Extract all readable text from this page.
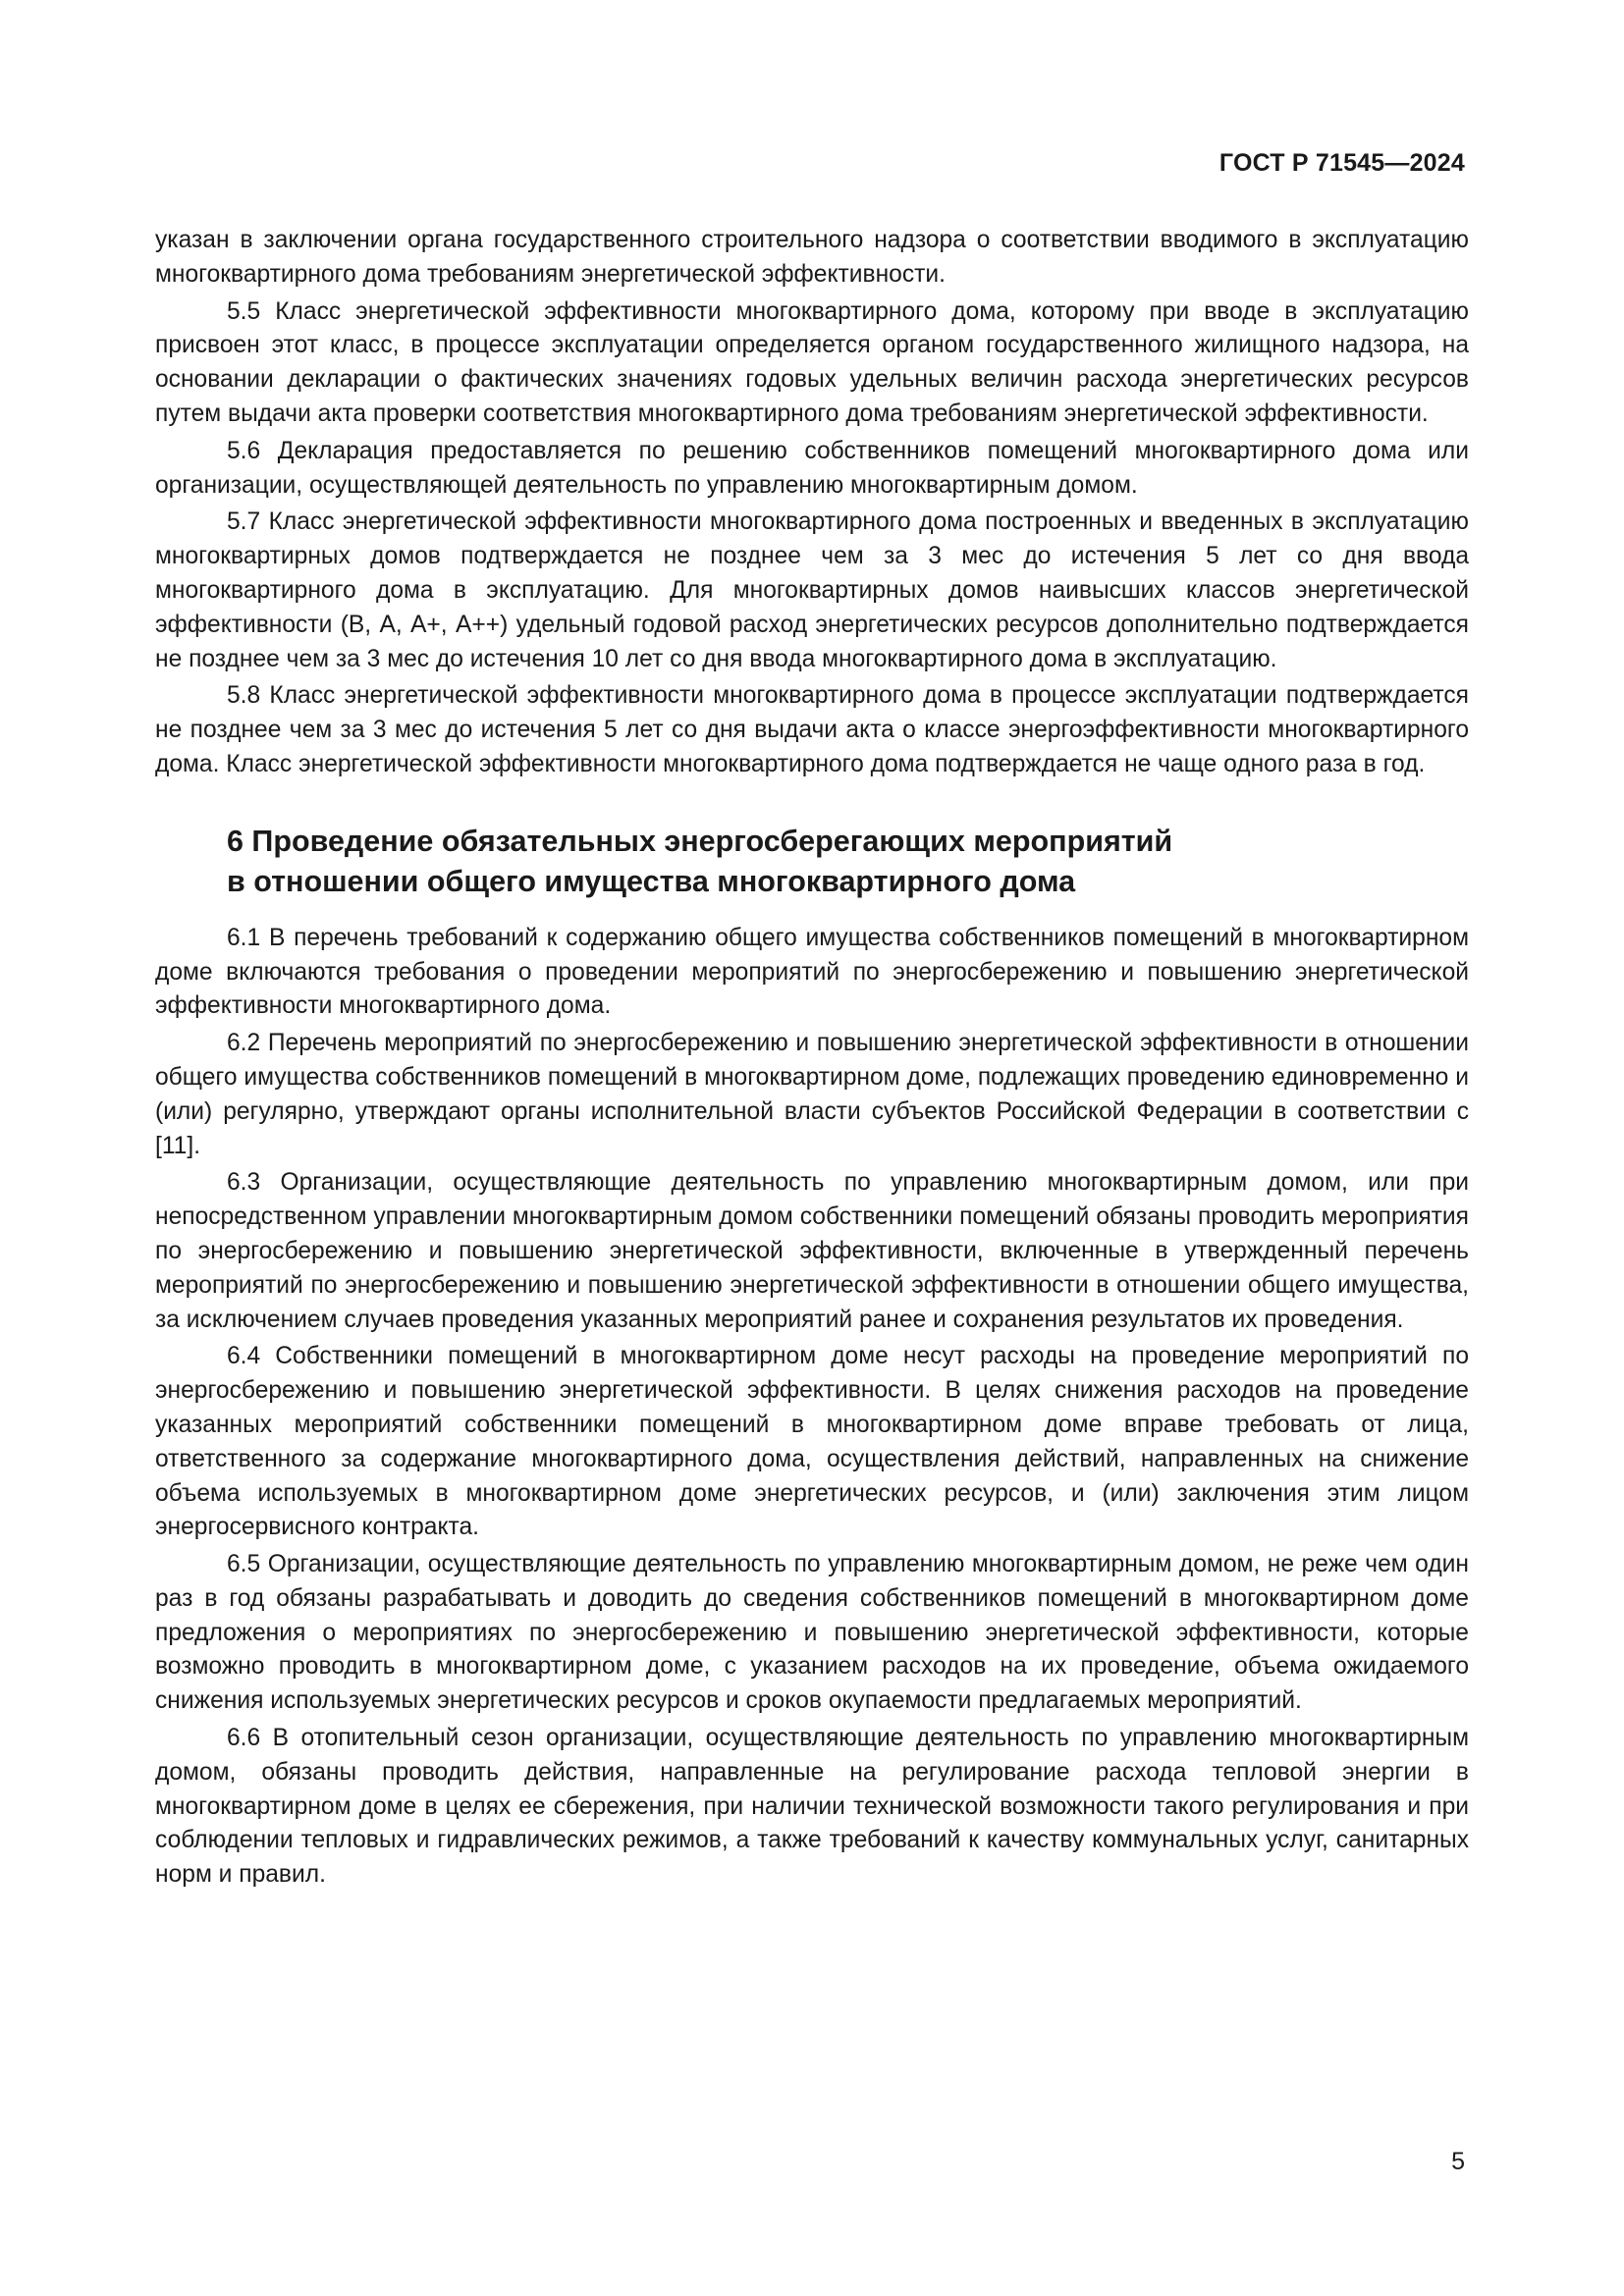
ГОСТ Р 71545—2024

указан в заключении органа государственного строительного надзора о соответствии вводимого в эксплуатацию многоквартирного дома требованиям энергетической эффективности.

5.5 Класс энергетической эффективности многоквартирного дома, которому при вводе в эксплуатацию присвоен этот класс, в процессе эксплуатации определяется органом государственного жилищного надзора, на основании декларации о фактических значениях годовых удельных величин расхода энергетических ресурсов путем выдачи акта проверки соответствия многоквартирного дома требованиям энергетической эффективности.

5.6 Декларация предоставляется по решению собственников помещений многоквартирного дома или организации, осуществляющей деятельность по управлению многоквартирным домом.

5.7 Класс энергетической эффективности многоквартирного дома построенных и введенных в эксплуатацию многоквартирных домов подтверждается не позднее чем за 3 мес до истечения 5 лет со дня ввода многоквартирного дома в эксплуатацию. Для многоквартирных домов наивысших классов энергетической эффективности (В, А, А+, А++) удельный годовой расход энергетических ресурсов дополнительно подтверждается не позднее чем за 3 мес до истечения 10 лет со дня ввода многоквартирного дома в эксплуатацию.

5.8 Класс энергетической эффективности многоквартирного дома в процессе эксплуатации подтверждается не позднее чем за 3 мес до истечения 5 лет со дня выдачи акта о классе энергоэффективности многоквартирного дома. Класс энергетической эффективности многоквартирного дома подтверждается не чаще одного раза в год.

6 Проведение обязательных энергосберегающих мероприятий
в отношении общего имущества многоквартирного дома

6.1 В перечень требований к содержанию общего имущества собственников помещений в многоквартирном доме включаются требования о проведении мероприятий по энергосбережению и повышению энергетической эффективности многоквартирного дома.

6.2 Перечень мероприятий по энергосбережению и повышению энергетической эффективности в отношении общего имущества собственников помещений в многоквартирном доме, подлежащих проведению единовременно и (или) регулярно, утверждают органы исполнительной власти субъектов Российской Федерации в соответствии с [11].

6.3 Организации, осуществляющие деятельность по управлению многоквартирным домом, или при непосредственном управлении многоквартирным домом собственники помещений обязаны проводить мероприятия по энергосбережению и повышению энергетической эффективности, включенные в утвержденный перечень мероприятий по энергосбережению и повышению энергетической эффективности в отношении общего имущества, за исключением случаев проведения указанных мероприятий ранее и сохранения результатов их проведения.

6.4 Собственники помещений в многоквартирном доме несут расходы на проведение мероприятий по энергосбережению и повышению энергетической эффективности. В целях снижения расходов на проведение указанных мероприятий собственники помещений в многоквартирном доме вправе требовать от лица, ответственного за содержание многоквартирного дома, осуществления действий, направленных на снижение объема используемых в многоквартирном доме энергетических ресурсов, и (или) заключения этим лицом энергосервисного контракта.

6.5 Организации, осуществляющие деятельность по управлению многоквартирным домом, не реже чем один раз в год обязаны разрабатывать и доводить до сведения собственников помещений в многоквартирном доме предложения о мероприятиях по энергосбережению и повышению энергетической эффективности, которые возможно проводить в многоквартирном доме, с указанием расходов на их проведение, объема ожидаемого снижения используемых энергетических ресурсов и сроков окупаемости предлагаемых мероприятий.

6.6 В отопительный сезон организации, осуществляющие деятельность по управлению многоквартирным домом, обязаны проводить действия, направленные на регулирование расхода тепловой энергии в многоквартирном доме в целях ее сбережения, при наличии технической возможности такого регулирования и при соблюдении тепловых и гидравлических режимов, а также требований к качеству коммунальных услуг, санитарных норм и правил.

5
